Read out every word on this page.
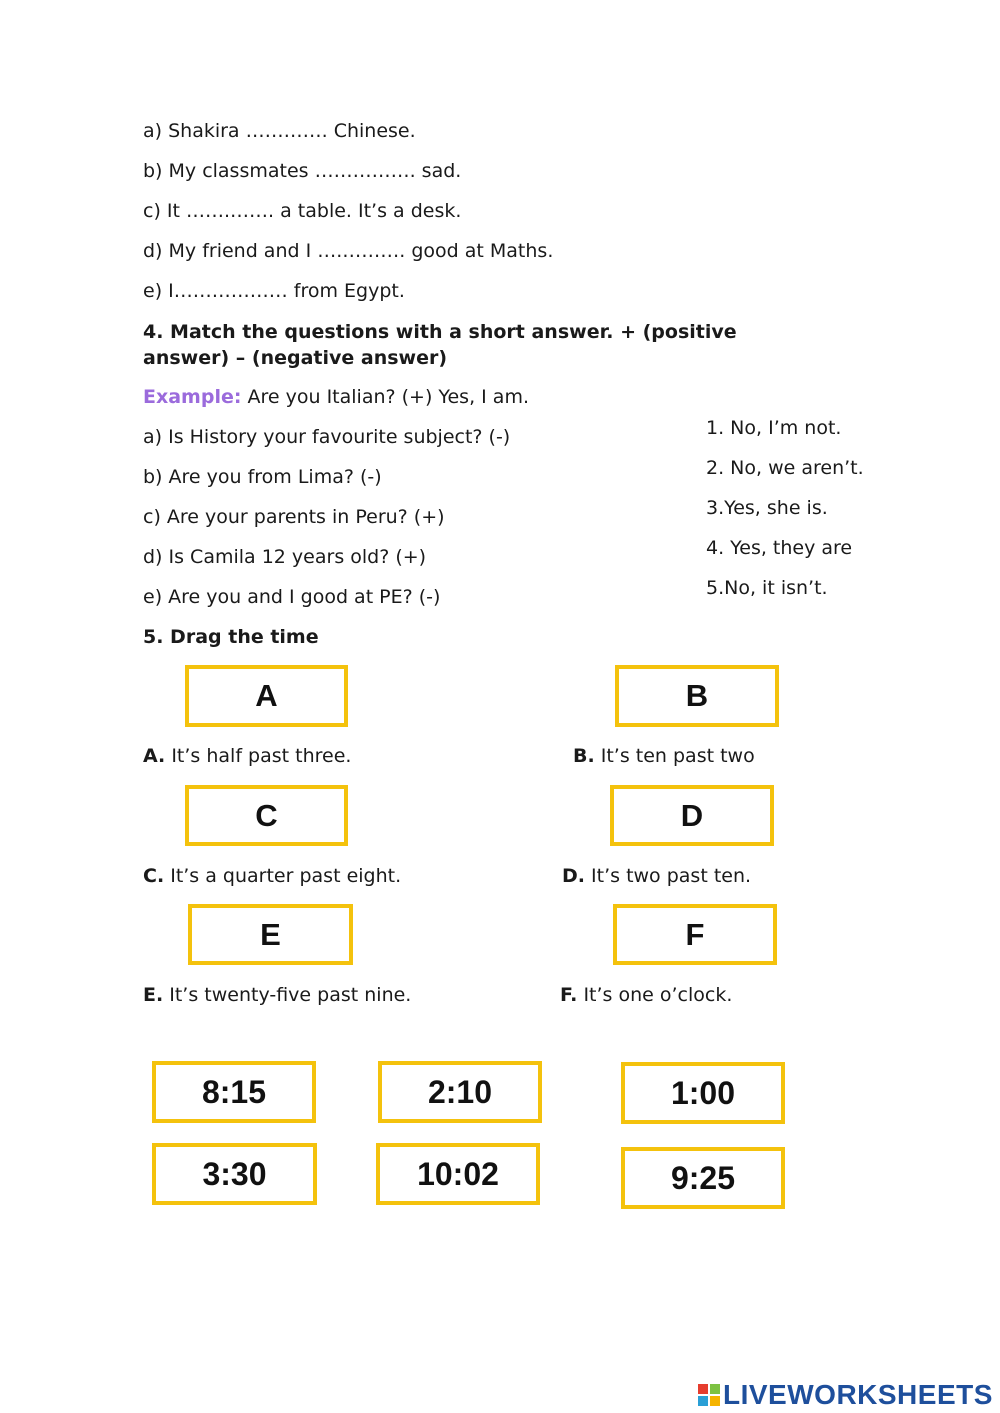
a) Shakira …………. Chinese.
b) My classmates ……………. sad.
c) It …….……. a table. It’s a desk.
d) My friend and I ….………. good at Maths.
e) I……………… from Egypt.
4. Match the questions with a short answer. + (positive answer) – (negative answer)
Example: Are you Italian? (+) Yes, I am.
a) Is History your favourite subject? (-)
b) Are you from Lima? (-)
c) Are your parents in Peru? (+)
d) Is Camila 12 years old? (+)
e) Are you and I good at PE? (-)
1. No, I’m not.
2. No, we aren’t.
3.Yes, she is.
4. Yes, they are
5.No, it isn’t.
5. Drag the time
A	B
A. It’s half past three.	B. It’s ten past two
C	D
C. It’s a quarter past eight.	D. It’s two past ten.
E	F
E. It’s twenty-five past nine.	F. It’s one o’clock.
8:15	2:10	1:00
3:30	10:02	9:25
LIVEWORKSHEETS
